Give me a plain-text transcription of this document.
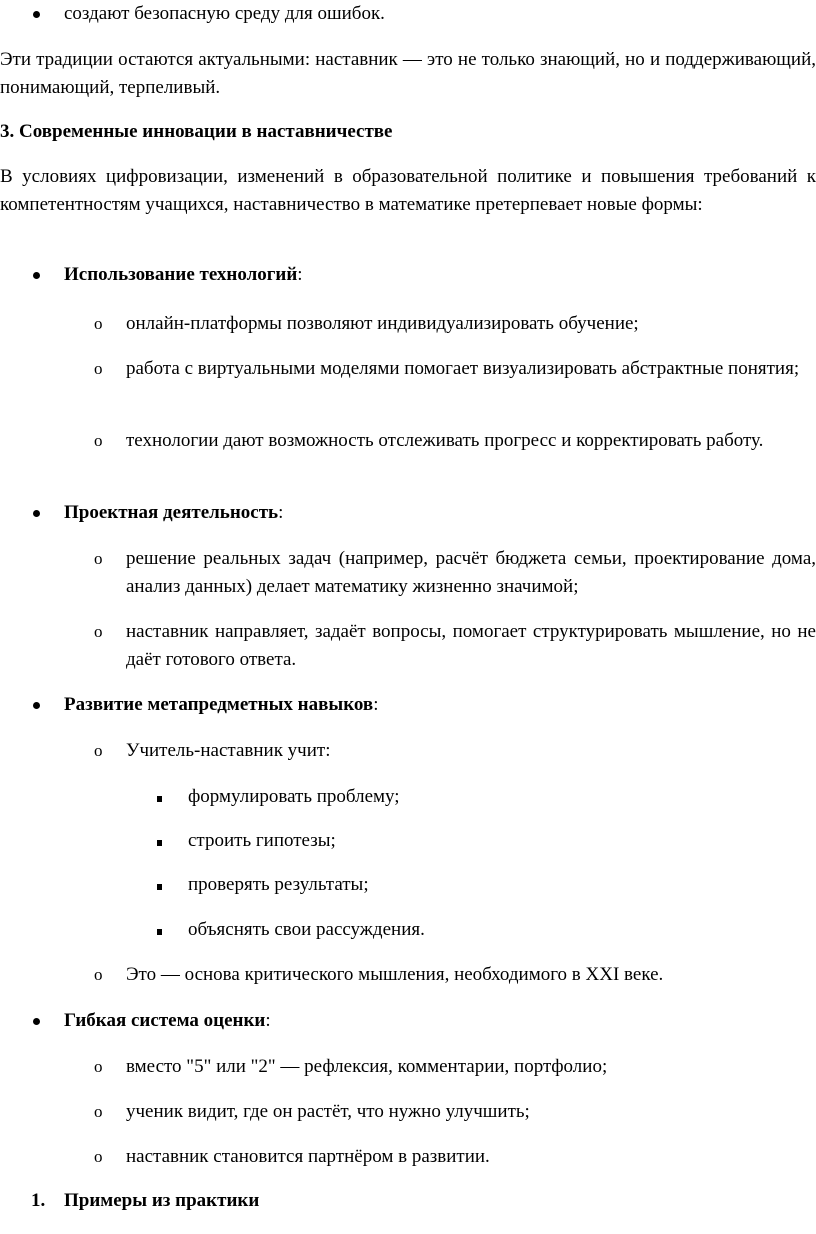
создают безопасную среду для ошибок.
Эти традиции остаются актуальными: наставник — это не только знающий, но и поддерживающий, понимающий, терпеливый.
3. Современные инновации в наставничестве
В условиях цифровизации, изменений в образовательной политике и повышения требований к компетентностям учащихся, наставничество в математике претерпевает новые формы:
Использование технологий:
o онлайн-платформы позволяют индивидуализировать обучение;
o работа с виртуальными моделями помогает визуализировать абстрактные понятия;
o технологии дают возможность отслеживать прогресс и корректировать работу.
Проектная деятельность:
o решение реальных задач (например, расчёт бюджета семьи, проектирование дома, анализ данных) делает математику жизненно значимой;
o наставник направляет, задаёт вопросы, помогает структурировать мышление, но не даёт готового ответа.
Развитие метапредметных навыков:
o Учитель-наставник учит:
формулировать проблему;
строить гипотезы;
проверять результаты;
объяснять свои рассуждения.
o Это — основа критического мышления, необходимого в XXI веке.
Гибкая система оценки:
o вместо "5" или "2" — рефлексия, комментарии, портфолио;
o ученик видит, где он растёт, что нужно улучшить;
o наставник становится партнёром в развитии.
1. Примеры из практики
